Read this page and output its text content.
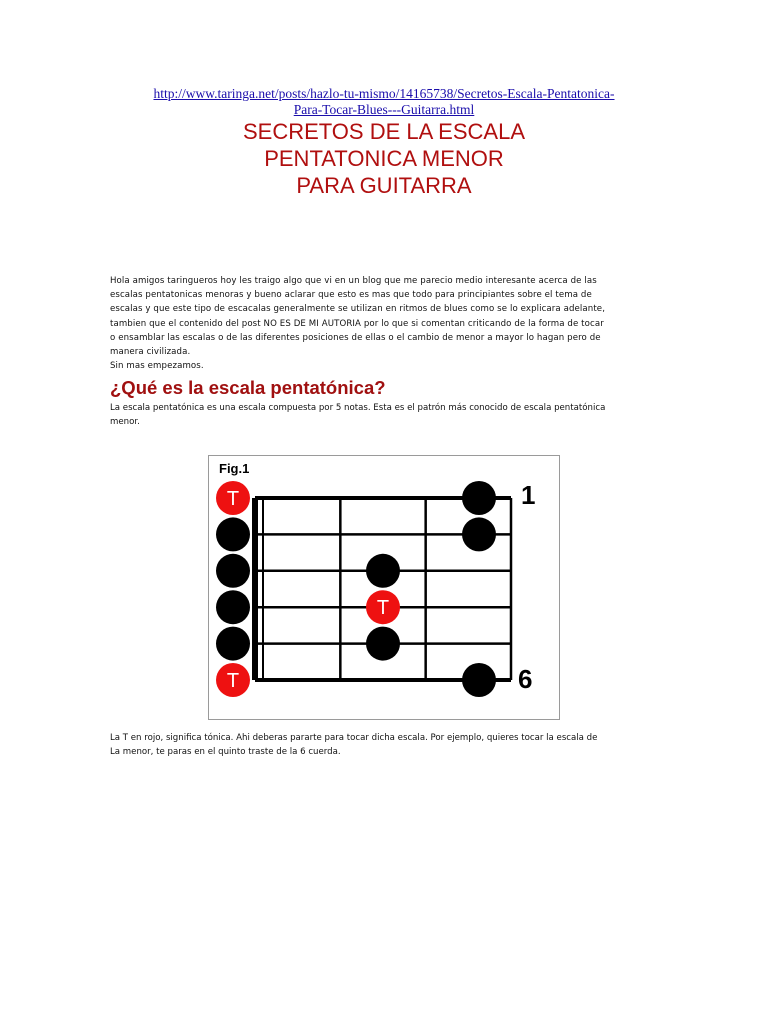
http://www.taringa.net/posts/hazlo-tu-mismo/14165738/Secretos-Escala-Pentatonica-
Para-Tocar-Blues---Guitarra.html
SECRETOS DE LA ESCALA
PENTATONICA MENOR
PARA GUITARRA
Hola amigos taringueros hoy les traigo algo que vi en un blog que me parecio medio interesante acerca de las
escalas pentatonicas menoras y bueno aclarar que esto es mas que todo para principiantes sobre el tema de
escalas y que este tipo de escacalas generalmente se utilizan en ritmos de blues como se lo explicara adelante,
tambien que el contenido del post NO ES DE MI AUTORIA por lo que si comentan criticando de la forma de tocar
o ensamblar las escalas o de las diferentes posiciones de ellas o el cambio de menor a mayor lo hagan pero de
manera civilizada.
Sin mas empezamos.
¿Qué es la escala pentatónica?
La escala pentatónica es una escala compuesta por 5 notas. Esta es el patrón más conocido de escala pentatónica
menor.
Fig.1
T
T
T
1
6
La T en rojo, significa tónica. Ahi deberas pararte para tocar dicha escala. Por ejemplo, quieres tocar la escala de
La menor, te paras en el quinto traste de la 6 cuerda.
